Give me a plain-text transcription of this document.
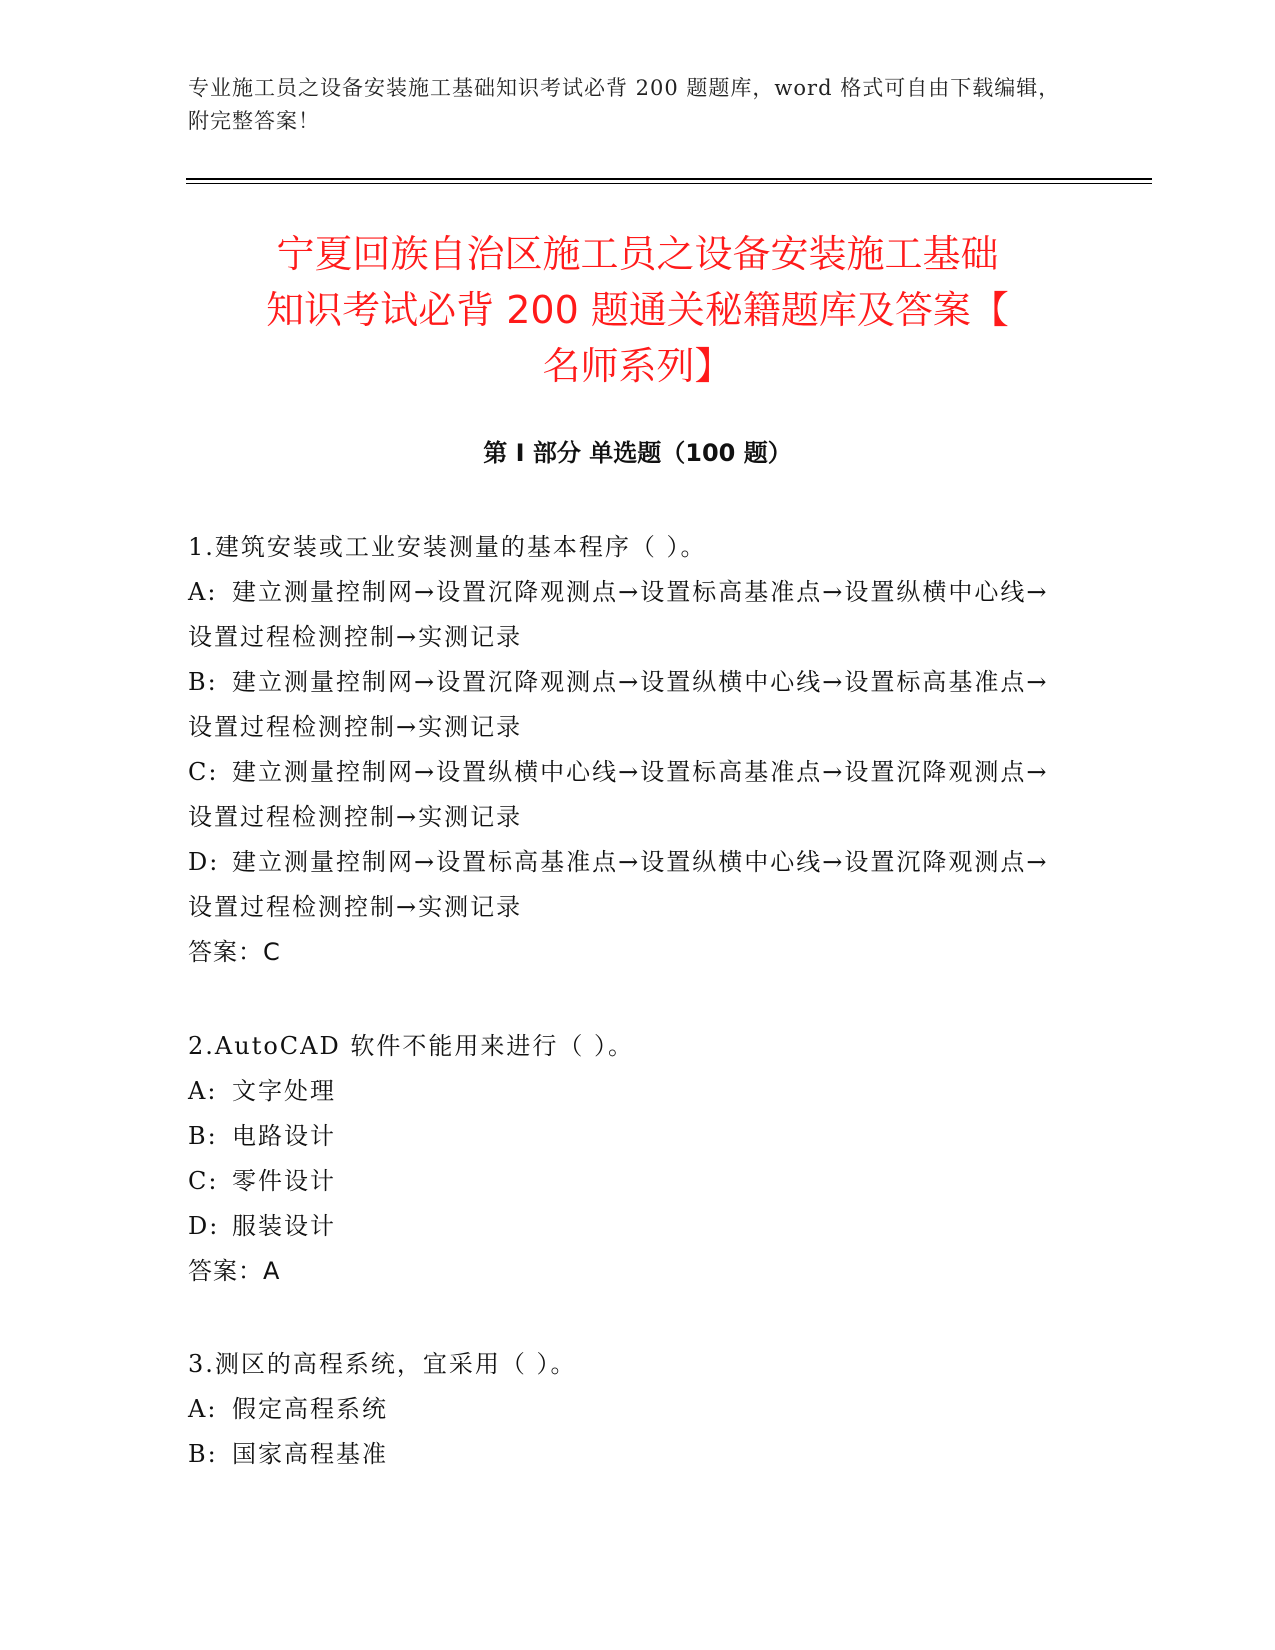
专业施工员之设备安装施工基础知识考试必背 200 题题库，word 格式可自由下载编辑，附完整答案！
宁夏回族自治区施工员之设备安装施工基础
知识考试必背 200 题通关秘籍题库及答案【
名师系列】
第 I 部分 单选题（100 题）
1.建筑安装或工业安装测量的基本程序（ ）。
A: 建立测量控制网→设置沉降观测点→设置标高基准点→设置纵横中心线→设置过程检测控制→实测记录
B: 建立测量控制网→设置沉降观测点→设置纵横中心线→设置标高基准点→设置过程检测控制→实测记录
C: 建立测量控制网→设置纵横中心线→设置标高基准点→设置沉降观测点→设置过程检测控制→实测记录
D: 建立测量控制网→设置标高基准点→设置纵横中心线→设置沉降观测点→设置过程检测控制→实测记录
答案：C
2.AutoCAD 软件不能用来进行（ ）。
A: 文字处理
B: 电路设计
C: 零件设计
D: 服装设计
答案：A
3.测区的高程系统，宜采用（ ）。
A: 假定高程系统
B: 国家高程基准
